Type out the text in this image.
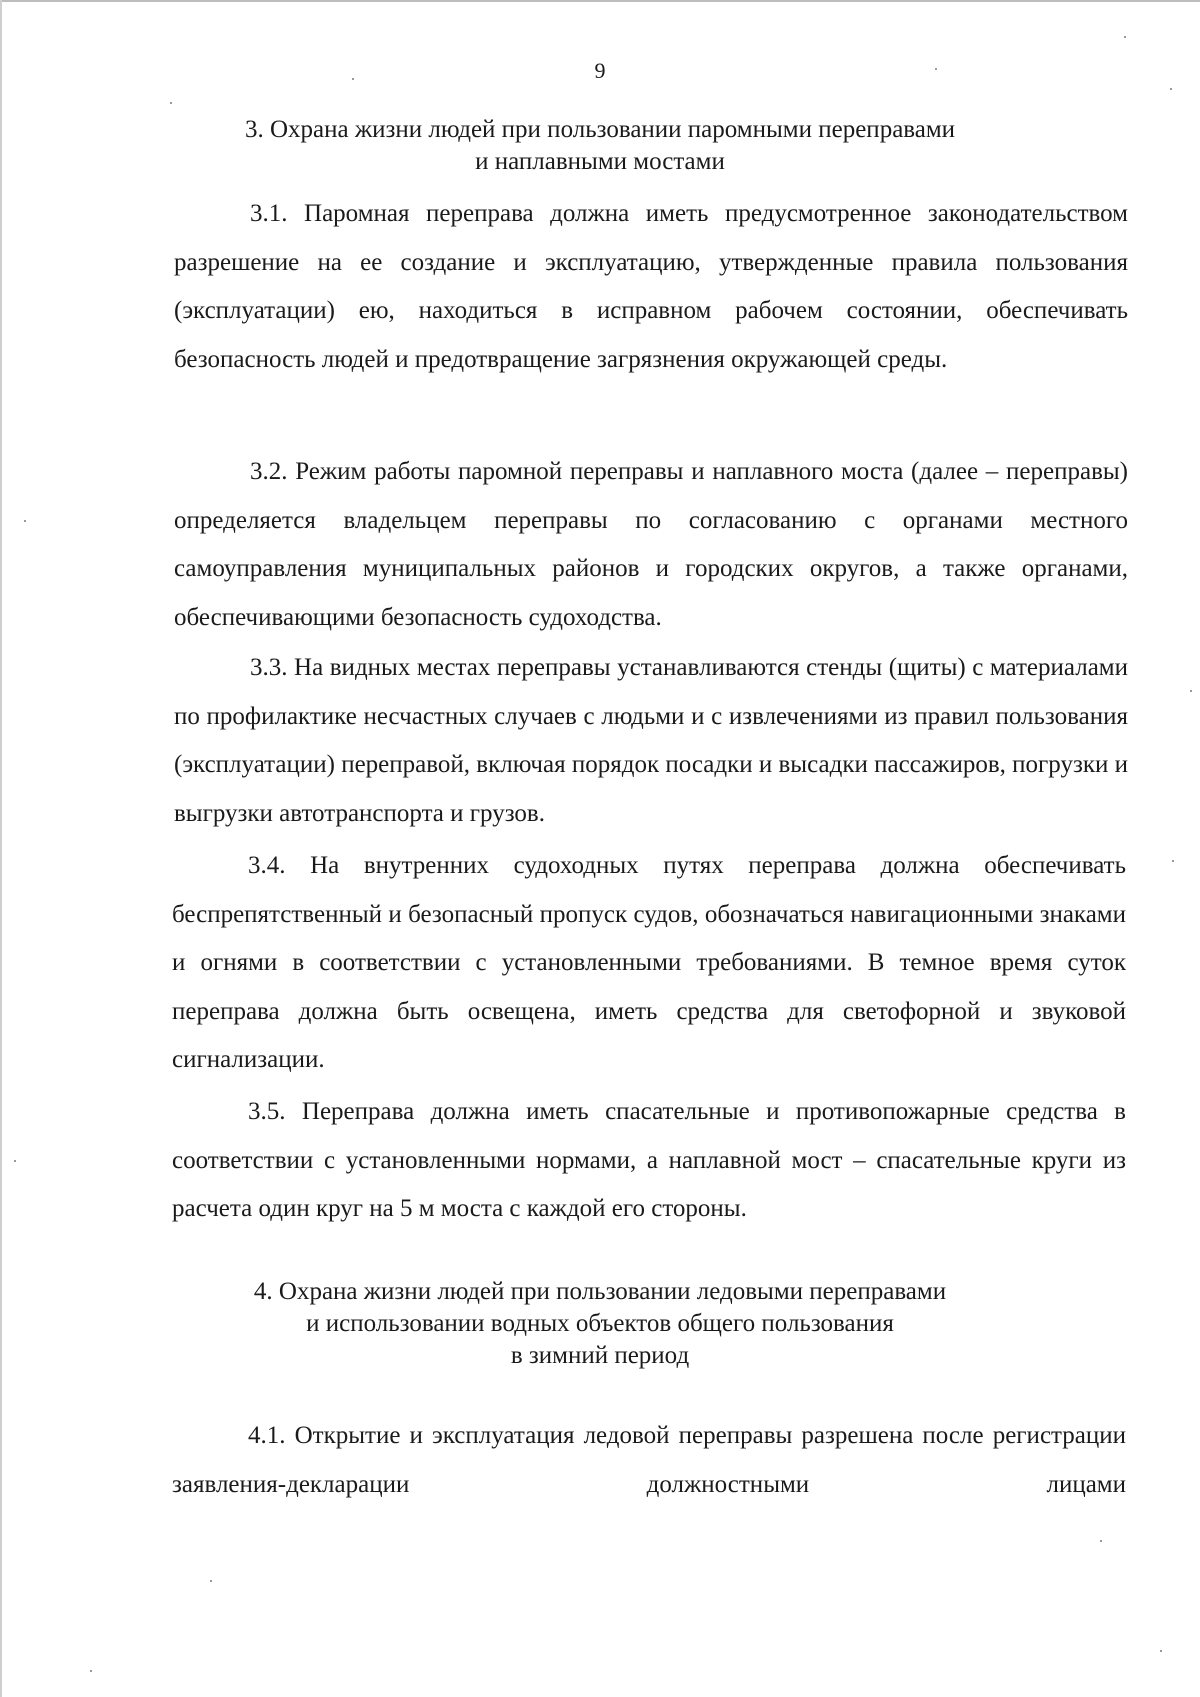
9
3. Охрана жизни людей при пользовании паромными переправами
и наплавными мостами

3.1. Паромная переправа должна иметь предусмотренное законодательством разрешение на ее создание и эксплуатацию, утвержденные правила пользования (эксплуатации) ею, находиться в исправном рабочем состоянии, обеспечивать безопасность людей и предотвращение загрязнения окружающей среды.

3.2. Режим работы паромной переправы и наплавного моста (далее – переправы) определяется владельцем переправы по согласованию с органами местного самоуправления муниципальных районов и городских округов, а также органами, обеспечивающими безопасность судоходства.

3.3. На видных местах переправы устанавливаются стенды (щиты) с материалами по профилактике несчастных случаев с людьми и с извлечениями из правил пользования (эксплуатации) переправой, включая порядок посадки и высадки пассажиров, погрузки и выгрузки автотранспорта и грузов.

3.4. На внутренних судоходных путях переправа должна обеспечивать беспрепятственный и безопасный пропуск судов, обозначаться навигационными знаками и огнями в соответствии с установленными требованиями. В темное время суток переправа должна быть освещена, иметь средства для светофорной и звуковой сигнализации.

3.5. Переправа должна иметь спасательные и противопожарные средства в соответствии с установленными нормами, а наплавной мост – спасательные круги из расчета один круг на 5 м моста с каждой его стороны.

4. Охрана жизни людей при пользовании ледовыми переправами
и использовании водных объектов общего пользования
в зимний период

4.1. Открытие и эксплуатация ледовой переправы разрешена после регистрации заявления-декларации должностными лицами
